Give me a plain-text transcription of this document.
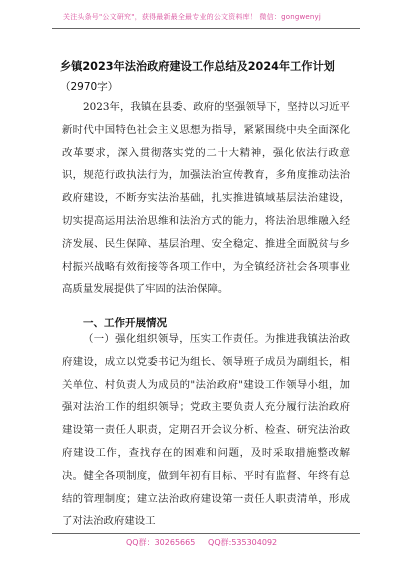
关注头条号"公文研究"，获得最新最全最专业的公文资料库！ 微信：gongwenyj
乡镇2023年法治政府建设工作总结及2024年工作计划
（2970字）

2023年，我镇在县委、政府的坚强领导下，坚持以习近平新时代中国特色社会主义思想为指导，紧紧围绕中央全面深化改革要求，深入贯彻落实党的二十大精神，强化依法行政意识，规范行政执法行为，加强法治宣传教育，多角度推动法治政府建设，不断夯实法治基础，扎实推进镇域基层法治建设，切实提高运用法治思维和法治方式的能力，将法治思维融入经济发展、民生保障、基层治理、安全稳定、推进全面脱贫与乡村振兴战略有效衔接等各项工作中，为全镇经济社会各项事业高质量发展提供了牢固的法治保障。

一、工作开展情况

（一）强化组织领导，压实工作责任。为推进我镇法治政府建设，成立以党委书记为组长、领导班子成员为副组长，相关单位、村负责人为成员的"法治政府"建设工作领导小组，加强对法治工作的组织领导；党政主要负责人充分履行法治政府建设第一责任人职责，定期召开会议分析、检查、研究法治政府建设工作，查找存在的困难和问题，及时采取措施整改解决。健全各项制度，做到年初有目标、平时有监督、年终有总结的管理制度；建立法治政府建设第一责任人职责清单，形成了对法治政府建设工

QQ群：30265665     QQ群:535304092
